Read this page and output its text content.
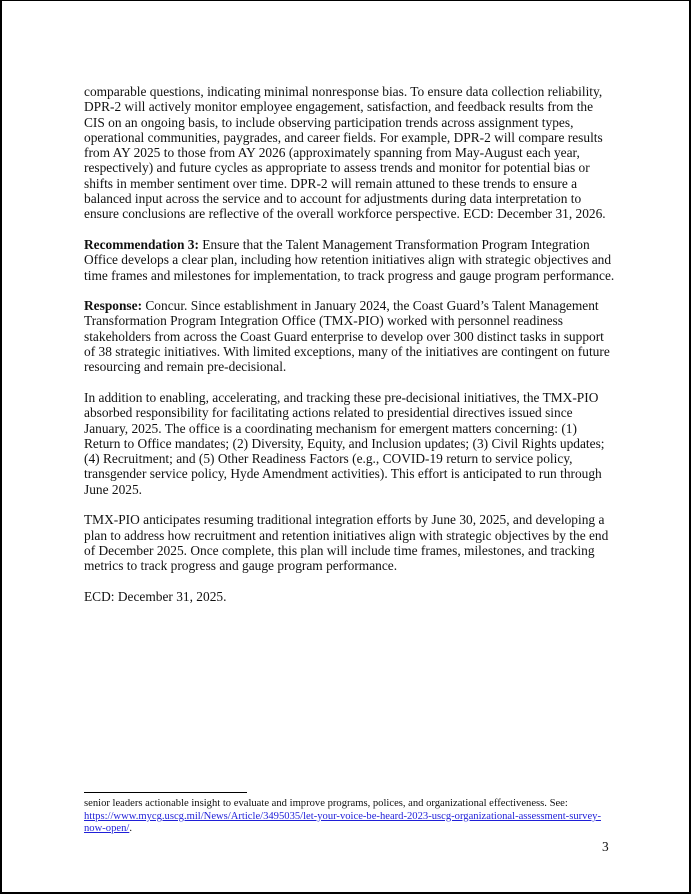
comparable questions, indicating minimal nonresponse bias. To ensure data collection reliability, DPR-2 will actively monitor employee engagement, satisfaction, and feedback results from the CIS on an ongoing basis, to include observing participation trends across assignment types, operational communities, paygrades, and career fields. For example, DPR-2 will compare results from AY 2025 to those from AY 2026 (approximately spanning from May-August each year, respectively) and future cycles as appropriate to assess trends and monitor for potential bias or shifts in member sentiment over time. DPR-2 will remain attuned to these trends to ensure a balanced input across the service and to account for adjustments during data interpretation to ensure conclusions are reflective of the overall workforce perspective. ECD: December 31, 2026.

Recommendation 3: Ensure that the Talent Management Transformation Program Integration Office develops a clear plan, including how retention initiatives align with strategic objectives and time frames and milestones for implementation, to track progress and gauge program performance.

Response: Concur. Since establishment in January 2024, the Coast Guard’s Talent Management Transformation Program Integration Office (TMX-PIO) worked with personnel readiness stakeholders from across the Coast Guard enterprise to develop over 300 distinct tasks in support of 38 strategic initiatives. With limited exceptions, many of the initiatives are contingent on future resourcing and remain pre-decisional.

In addition to enabling, accelerating, and tracking these pre-decisional initiatives, the TMX-PIO absorbed responsibility for facilitating actions related to presidential directives issued since January, 2025. The office is a coordinating mechanism for emergent matters concerning: (1) Return to Office mandates; (2) Diversity, Equity, and Inclusion updates; (3) Civil Rights updates; (4) Recruitment; and (5) Other Readiness Factors (e.g., COVID-19 return to service policy, transgender service policy, Hyde Amendment activities). This effort is anticipated to run through June 2025.

TMX-PIO anticipates resuming traditional integration efforts by June 30, 2025, and developing a plan to address how recruitment and retention initiatives align with strategic objectives by the end of December 2025. Once complete, this plan will include time frames, milestones, and tracking metrics to track progress and gauge program performance.

ECD: December 31, 2025.

senior leaders actionable insight to evaluate and improve programs, polices, and organizational effectiveness. See: https://www.mycg.uscg.mil/News/Article/3495035/let-your-voice-be-heard-2023-uscg-organizational-assessment-survey-now-open/.
3
